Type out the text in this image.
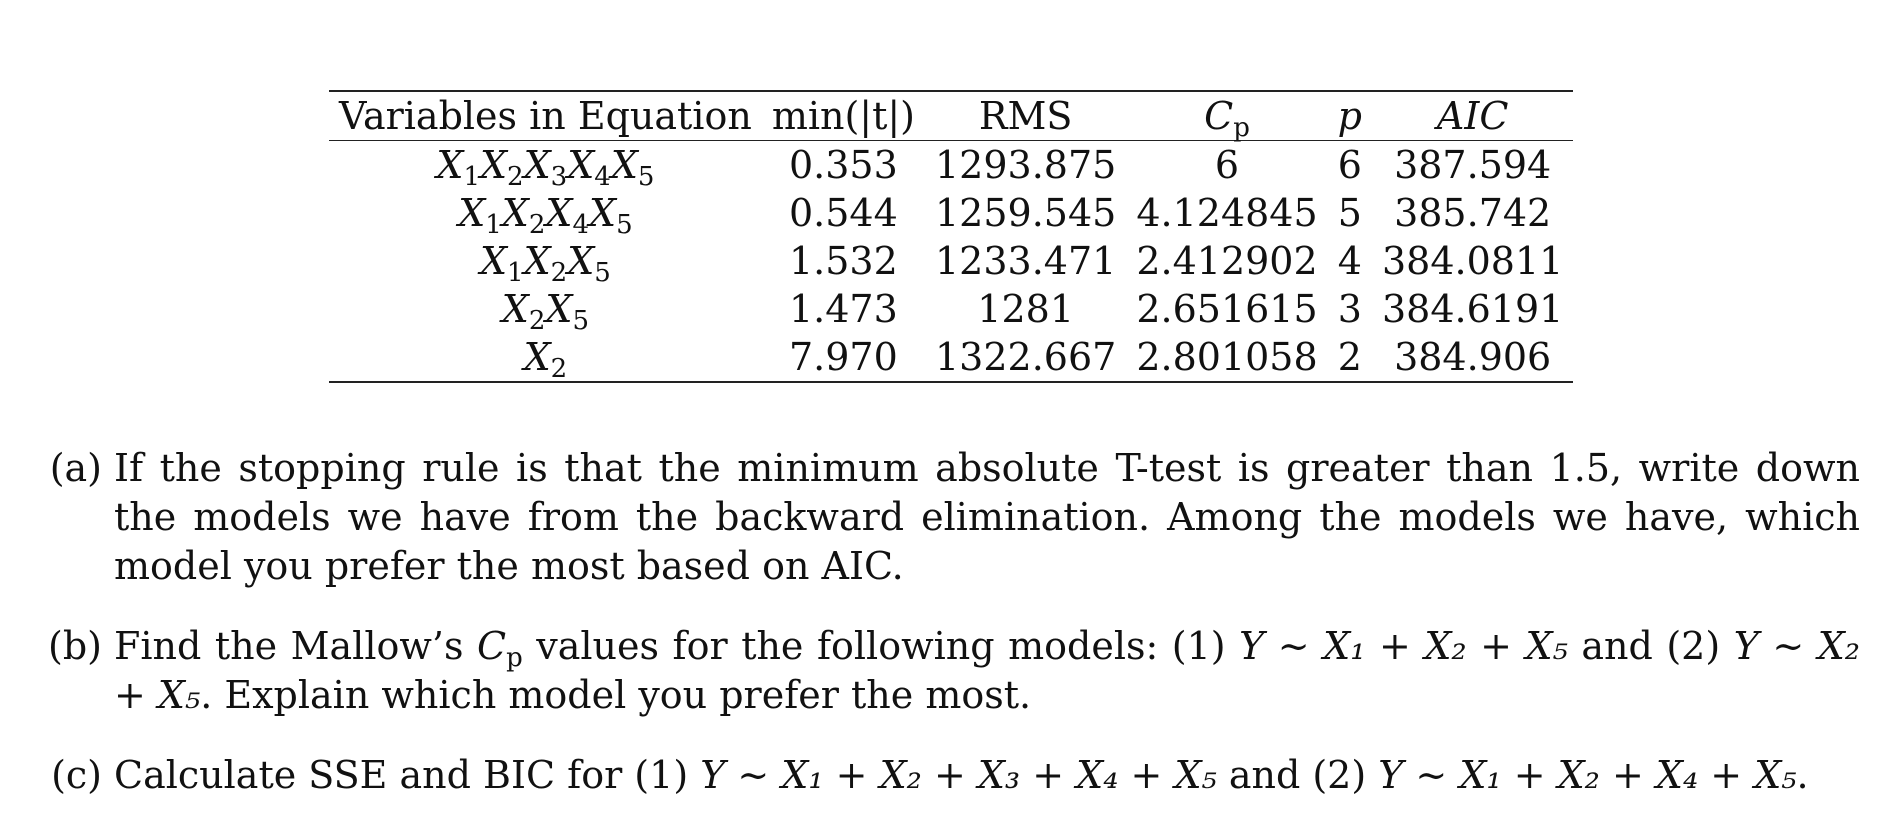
Variables in Equation	min(|t|)	RMS	$C_p$	p	AIC
$X_1X_2X_3X_4X_5$	0.353	1293.875	6	6	387.594
$X_1X_2X_4X_5$	0.544	1259.545	4.124845	5	385.742
$X_1X_2X_5$	1.532	1233.471	2.412902	4	384.0811
$X_2X_5$	1.473	1281	2.651615	3	384.6191
$X_2$	7.970	1322.667	2.801058	2	384.906
(a) If the stopping rule is that the minimum absolute T-test is greater than 1.5, write down the models we have from the backward elimination. Among the models we have, which model you prefer the most based on AIC.
(b) Find the Mallow’s $C_p$ values for the following models: (1) Y ∼ X₁ + X₂ + X₅ and (2) Y ∼ X₂ + X₅. Explain which model you prefer the most.
(c) Calculate SSE and BIC for (1) Y ∼ X₁ + X₂ + X₃ + X₄ + X₅ and (2) Y ∼ X₁ + X₂ + X₄ + X₅.
